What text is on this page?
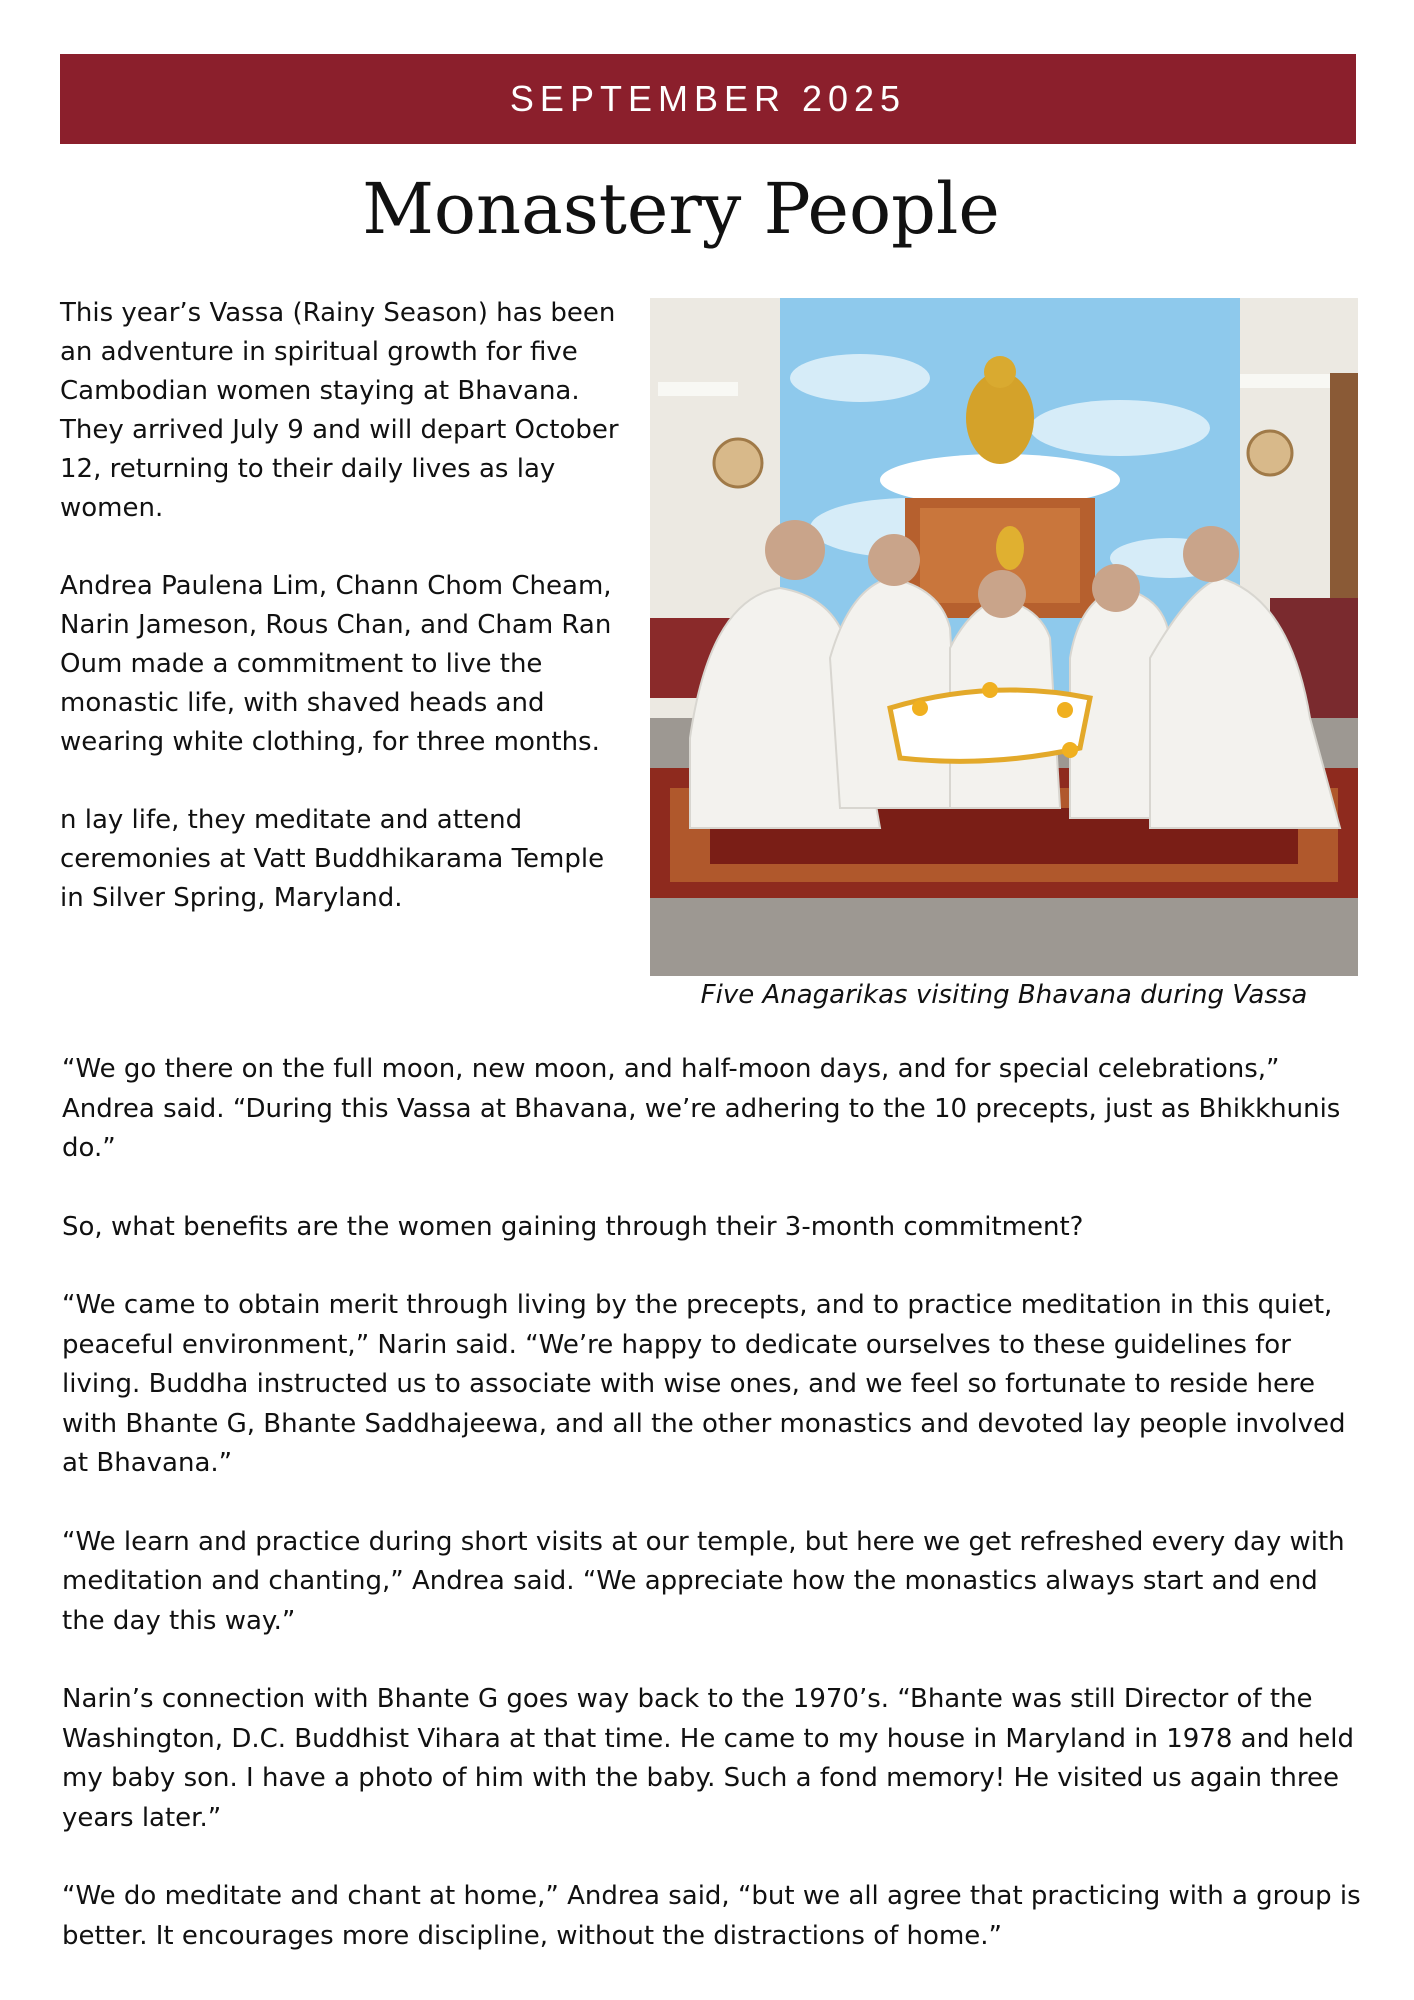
SEPTEMBER 2025
Monastery People

This year’s Vassa (Rainy Season) has been an adventure in spiritual growth for five Cambodian women staying at Bhavana. They arrived July 9 and will depart October 12, returning to their daily lives as lay women.

Andrea Paulena Lim, Chann Chom Cheam, Narin Jameson, Rous Chan, and Cham Ran Oum made a commitment to live the monastic life, with shaved heads and wearing white clothing, for three months.

n lay life, they meditate and attend ceremonies at Vatt Buddhikarama Temple in Silver Spring, Maryland.

Five Anagarikas visiting Bhavana during Vassa

“We go there on the full moon, new moon, and half-moon days, and for special celebrations,” Andrea said. “During this Vassa at Bhavana, we’re adhering to the 10 precepts, just as Bhikkhunis do.”

So, what benefits are the women gaining through their 3-month commitment?

“We came to obtain merit through living by the precepts, and to practice meditation in this quiet, peaceful environment,” Narin said. “We’re happy to dedicate ourselves to these guidelines for living. Buddha instructed us to associate with wise ones, and we feel so fortunate to reside here with Bhante G, Bhante Saddhajeewa, and all the other monastics and devoted lay people involved at Bhavana.”

“We learn and practice during short visits at our temple, but here we get refreshed every day with meditation and chanting,” Andrea said. “We appreciate how the monastics always start and end the day this way.”

Narin’s connection with Bhante G goes way back to the 1970’s. “Bhante was still Director of the Washington, D.C. Buddhist Vihara at that time. He came to my house in Maryland in 1978 and held my baby son. I have a photo of him with the baby. Such a fond memory! He visited us again three years later.”

“We do meditate and chant at home,” Andrea said, “but we all agree that practicing with a group is better. It encourages more discipline, without the distractions of home.”
